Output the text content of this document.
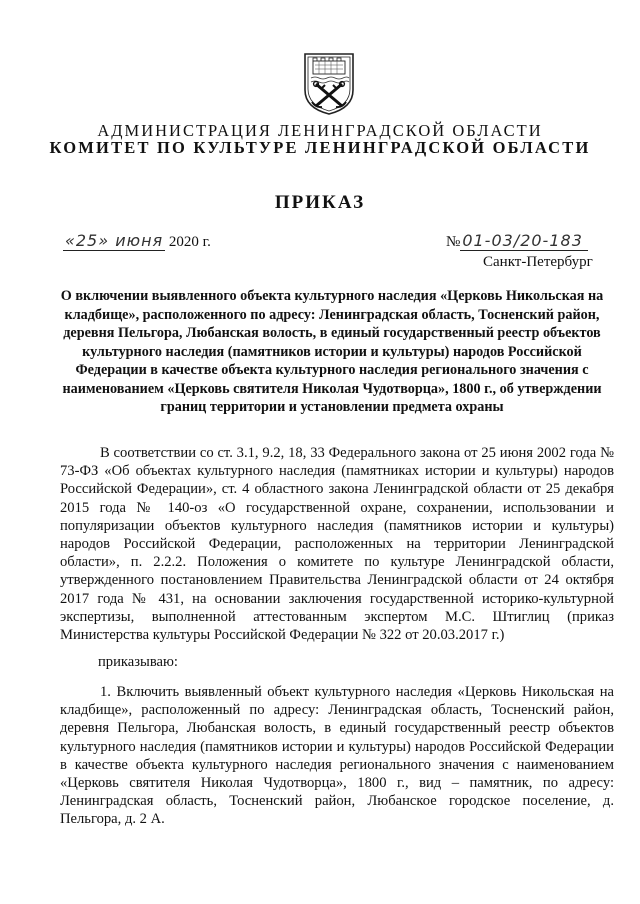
АДМИНИСТРАЦИЯ ЛЕНИНГРАДСКОЙ ОБЛАСТИ
КОМИТЕТ ПО КУЛЬТУРЕ ЛЕНИНГРАДСКОЙ ОБЛАСТИ
ПРИКАЗ
«25» июня 2020 г.	№ 01-03/20-183
Санкт-Петербург
О включении выявленного объекта культурного наследия «Церковь Никольская на кладбище», расположенного по адресу: Ленинградская область, Тосненский район, деревня Пельгора, Любанская волость, в единый государственный реестр объектов культурного наследия (памятников истории и культуры) народов Российской Федерации в качестве объекта культурного наследия регионального значения с наименованием «Церковь святителя Николая Чудотворца», 1800 г., об утверждении границ территории и установлении предмета охраны
В соответствии со ст. 3.1, 9.2, 18, 33 Федерального закона от 25 июня 2002 года № 73-ФЗ «Об объектах культурного наследия (памятниках истории и культуры) народов Российской Федерации», ст. 4 областного закона Ленинградской области от 25 декабря 2015 года № 140-оз «О государственной охране, сохранении, использовании и популяризации объектов культурного наследия (памятников истории и культуры) народов Российской Федерации, расположенных на территории Ленинградской области», п. 2.2.2. Положения о комитете по культуре Ленинградской области, утвержденного постановлением Правительства Ленинградской области от 24 октября 2017 года № 431, на основании заключения государственной историко-культурной экспертизы, выполненной аттестованным экспертом М.С. Штиглиц (приказ Министерства культуры Российской Федерации № 322 от 20.03.2017 г.)
приказываю:
1. Включить выявленный объект культурного наследия «Церковь Никольская на кладбище», расположенный по адресу: Ленинградская область, Тосненский район, деревня Пельгора, Любанская волость, в единый государственный реестр объектов культурного наследия (памятников истории и культуры) народов Российской Федерации в качестве объекта культурного наследия регионального значения с наименованием «Церковь святителя Николая Чудотворца», 1800 г., вид – памятник, по адресу: Ленинградская область, Тосненский район, Любанское городское поселение, д. Пельгора, д. 2 А.
